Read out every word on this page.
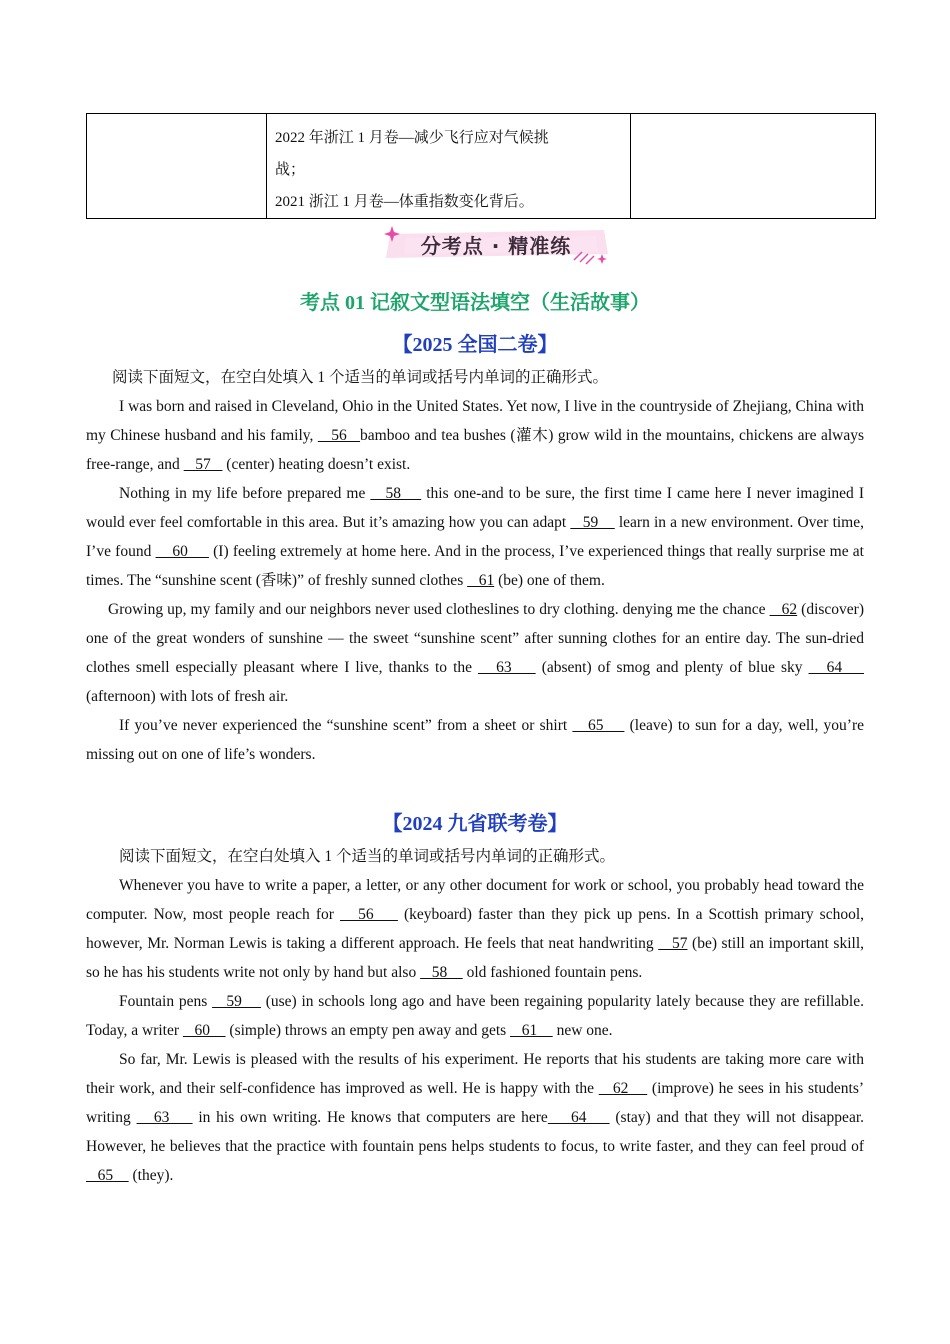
2022 年浙江 1 月卷—减少飞行应对气候挑
战；
2021 浙江 1 月卷—体重指数变化背后。

分考点 · 精准练
考点 01 记叙文型语法填空（生活故事）
【2025 全国二卷】

阅读下面短文，在空白处填入 1 个适当的单词或括号内单词的正确形式。

I was born and raised in Cleveland, Ohio in the United States. Yet now, I live in the countryside of Zhejiang, China with my Chinese husband and his family,    56   bamboo and tea bushes (灌木) grow wild in the mountains, chickens are always free-range, and    57    (center) heating doesn’t exist.

Nothing in my life before prepared me    58     this one-and to be sure, the first time I came here I never imagined I would ever feel comfortable in this area. But it’s amazing how you can adapt    59     learn in a new environment. Over time, I’ve found     60      (I) feeling extremely at home here. And in the process, I’ve experienced things that really surprise me at times. The “sunshine scent (香味)” of freshly sunned clothes    61 (be) one of them.

Growing up, my family and our neighbors never used clotheslines to dry clothing. denying me the chance    62 (discover) one of the great wonders of sunshine — the sweet “sunshine scent” after sunning clothes for an entire day. The sun-dried clothes smell especially pleasant where I live, thanks to the    63     (absent) of smog and plenty of blue sky    64     (afternoon) with lots of fresh air.

If you’ve never experienced the “sunshine scent” from a sheet or shirt    65     (leave) to sun for a day, well, you’re missing out on one of life’s wonders.

【2024 九省联考卷】

阅读下面短文，在空白处填入 1 个适当的单词或括号内单词的正确形式。

Whenever you have to write a paper, a letter, or any other document for work or school, you probably head toward the computer. Now, most people reach for    56     (keyboard) faster than they pick up pens. In a Scottish primary school, however, Mr. Norman Lewis is taking a different approach. He feels that neat handwriting    57 (be) still an important skill, so he has his students write not only by hand but also    58     old fashioned fountain pens.

Fountain pens    59     (use) in schools long ago and have been regaining popularity lately because they are refillable. Today, a writer    60     (simple) throws an empty pen away and gets    61     new one.

So far, Mr. Lewis is pleased with the results of his experiment. He reports that his students are taking more care with their work, and their self-confidence has improved as well. He is happy with the    62     (improve) he sees in his students’ writing    63     in his own writing. He knows that computers are here    64     (stay) and that they will not disappear. However, he believes that the practice with fountain pens helps students to focus, to write faster, and they can feel proud of    65     (they).
